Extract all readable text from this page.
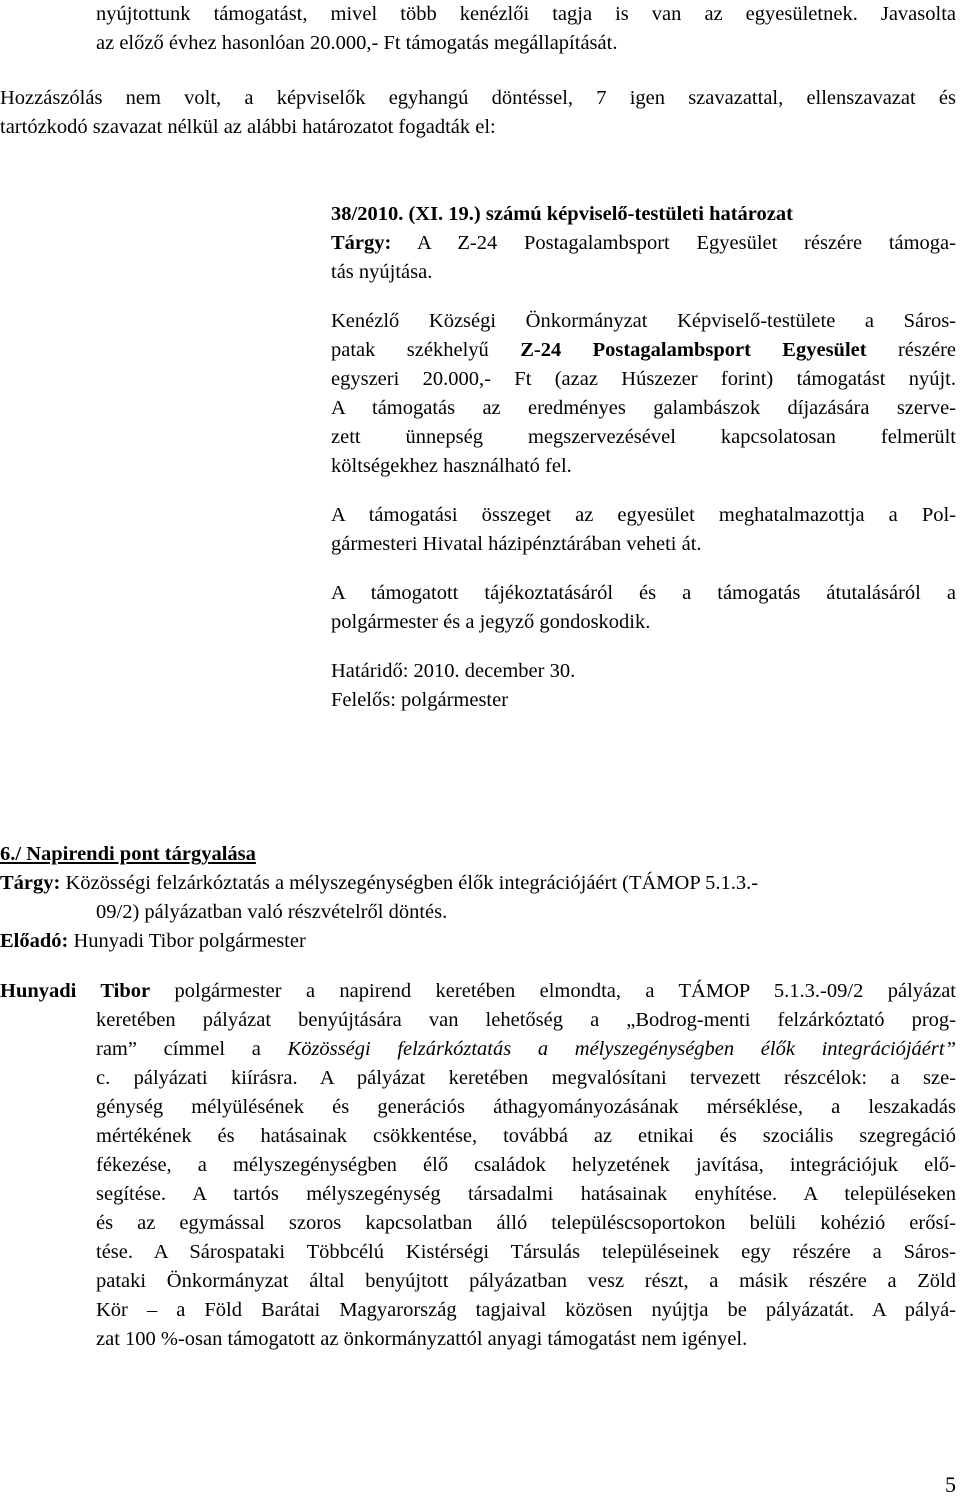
nyújtottunk támogatást, mivel több kenézlői tagja is van az egyesületnek. Javasolta
az előző évhez hasonlóan 20.000,- Ft támogatás megállapítását.
Hozzászólás nem volt, a képviselők egyhangú döntéssel, 7 igen szavazattal, ellenszavazat és
tartózkodó szavazat nélkül az alábbi határozatot fogadták el:
38/2010. (XI. 19.) számú képviselő-testületi határozat
Tárgy: A Z-24 Postagalambsport Egyesület részére támoga-
tás nyújtása.
Kenézlő Községi Önkormányzat Képviselő-testülete a Sáros-
patak székhelyű Z-24 Postagalambsport Egyesület részére
egyszeri 20.000,- Ft (azaz Húszezer forint) támogatást nyújt.
A támogatás az eredményes galambászok díjazására szerve-
zett ünnepség megszervezésével kapcsolatosan felmerült
költségekhez használható fel.
A támogatási összeget az egyesület meghatalmazottja a Pol-
gármesteri Hivatal házipénztárában veheti át.
A támogatott tájékoztatásáról és a támogatás átutalásáról a
polgármester és a jegyző gondoskodik.
Határidő: 2010. december 30.
Felelős: polgármester
6./ Napirendi pont tárgyalása
Tárgy: Közösségi felzárkóztatás a mélyszegénységben élők integrációjáért (TÁMOP 5.1.3.-
09/2) pályázatban való részvételről döntés.
Előadó: Hunyadi Tibor polgármester
Hunyadi Tibor polgármester a napirend keretében elmondta, a TÁMOP 5.1.3.-09/2 pályázat
keretében pályázat benyújtására van lehetőség a „Bodrog-menti felzárkóztató prog-
ram” címmel a Közösségi felzárkóztatás a mélyszegénységben élők integrációjáért”
c. pályázati kiírásra. A pályázat keretében megvalósítani tervezett részcélok: a sze-
génység mélyülésének és generációs áthagyományozásának mérséklése, a leszakadás
mértékének és hatásainak csökkentése, továbbá az etnikai és szociális szegregáció
fékezése, a mélyszegénységben élő családok helyzetének javítása, integrációjuk elő-
segítése. A tartós mélyszegénység társadalmi hatásainak enyhítése. A településeken
és az egymással szoros kapcsolatban álló településcsoportokon belüli kohézió erősí-
tése. A Sárospataki Többcélú Kistérségi Társulás településeinek egy részére a Sáros-
pataki Önkormányzat által benyújtott pályázatban vesz részt, a másik részére a Zöld
Kör – a Föld Barátai Magyarország tagjaival közösen nyújtja be pályázatát. A pályá-
zat 100 %-osan támogatott az önkormányzattól anyagi támogatást nem igényel.
5
